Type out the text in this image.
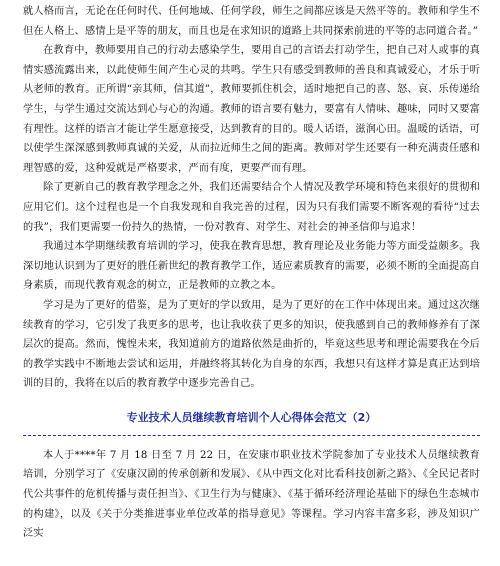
就人格而言，无论在任何时代、任何地域、任何学段，师生之间都应该是天然平等的。教师和学生不但在人格上、感情上是平等的朋友，而且也是在求知识的道路上共同探索前进的平等的志同道合者。”

在教育中，教师要用自己的行动去感染学生，要用自己的言语去打动学生，把自己对人或事的真情实感流露出来，以此使师生间产生心灵的共鸣。学生只有感受到教师的善良和真诚爱心，才乐于听从老师的教育。正所谓“亲其师，信其道”，教师要抓住机会，适时地把自己的喜、怒、哀、乐传递给学生，与学生通过交流达到心与心的沟通。教师的语言要有魅力，要富有人情味、趣味，同时又要富有理性。这样的语言才能让学生愿意接受，达到教育的目的。暖人话语，滋润心田。温暖的话语，可以使学生深深感到教师真诚的关爱，从而拉近师生之间的距离。教师对学生还要有一种充满责任感和理智感的爱，这种爱就是严格要求，严而有度，更要严而有理。

除了更新自己的教育教学理念之外，我们还需要结合个人情况及教学环境和特色来很好的贯彻和应用它们。这个过程也是一个自我发现和自我完善的过程，因为只有我们需要不断客观的看待“过去的我”，我们更需要一份持久的热情，一份对教育、对学生、对社会的神圣信仰与追求！

我通过本学期继续教育培训的学习，使我在教育思想，教育理论及业务能力等方面受益颇多。我深切地认识到为了更好的胜任新世纪的教育教学工作，适应素质教育的需要，必须不断的全面提高自身素质，而现代教育观念的树立，正是教师的立教之本。

学习是为了更好的借鉴，是为了更好的学以致用，是为了更好的在工作中体现出来。通过这次继续教育的学习，它引发了我更多的思考，也让我收获了更多的知识，使我感到自己的教师修养有了深层次的提高。然而，愧惶未来，我知道前方的道路依然是曲折的，毕竟这些思考和理论需要我在今后的教学实践中不断地去尝试和运用，并融终将其转化为自身的东西，我想只有这样才算是真正达到培训的目的，我将在以后的教育教学中逐步完善自己。

专业技术人员继续教育培训个人心得体会范文（2）

本人于****年 7 月 18 日至 7 月 22 日，在安康市职业技术学院参加了专业技术人员继续教育培训，分别学习了《安康汉剧的传承创新和发展》、《从中西文化对比看科技创新之路》、《全民记者时代公共事件的危机传播与责任担当》、《卫生行为与健康》、《基于循环经济理论基础下的绿色生态城市的构建》，以及《关于分类推进事业单位改革的指导意见》等课程。学习内容丰富多彩，涉及知识广泛实
